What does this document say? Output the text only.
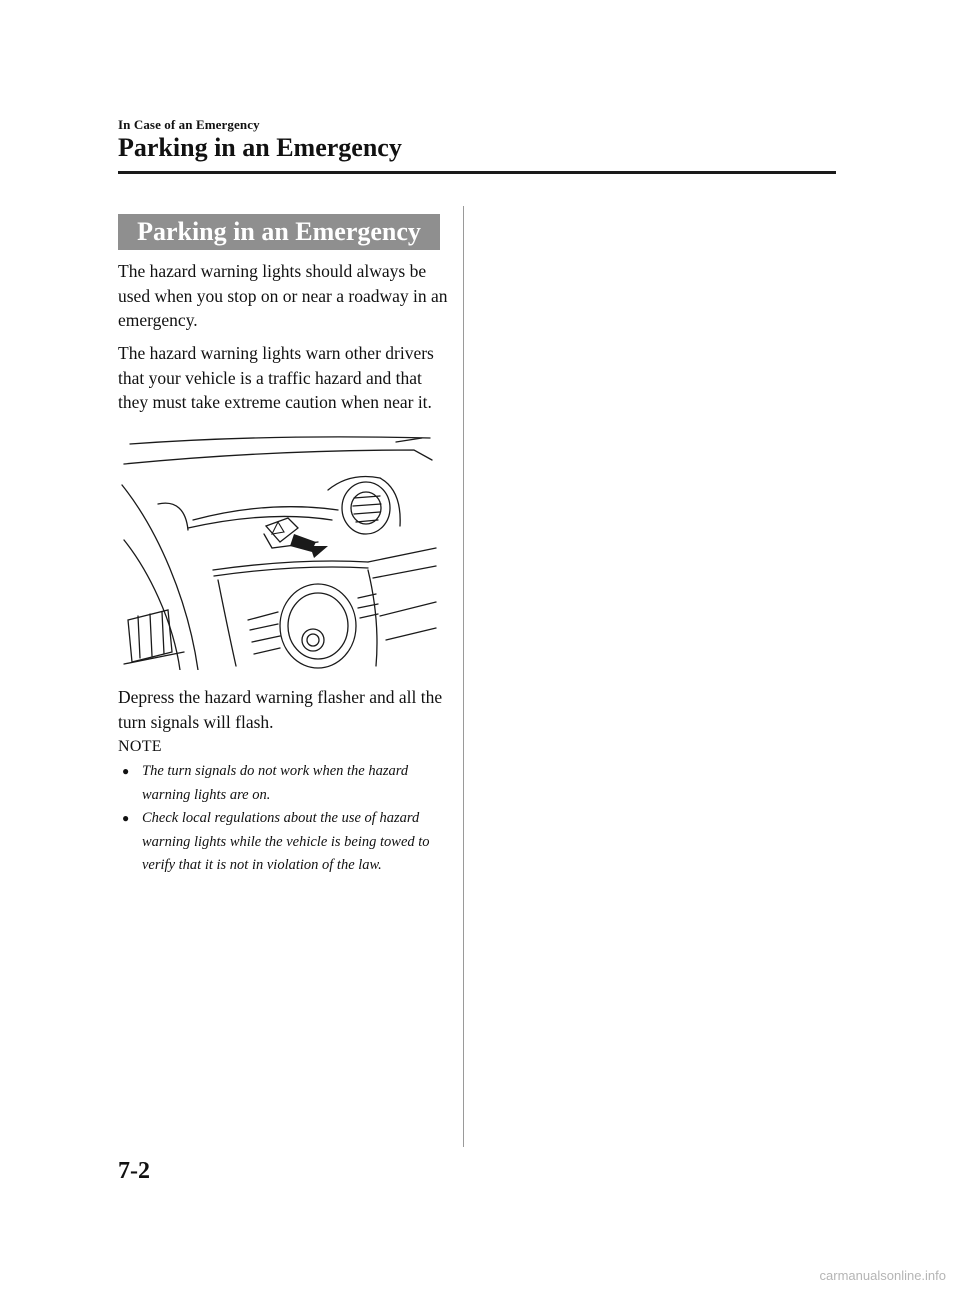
In Case of an Emergency
Parking in an Emergency
Parking in an Emergency

The hazard warning lights should always be used when you stop on or near a roadway in an emergency.

The hazard warning lights warn other drivers that your vehicle is a traffic hazard and that they must take extreme caution when near it.

Depress the hazard warning flasher and all the turn signals will flash.

NOTE

● The turn signals do not work when the hazard warning lights are on.
● Check local regulations about the use of hazard warning lights while the vehicle is being towed to verify that it is not in violation of the law.
7-2
carmanualsonline.info
